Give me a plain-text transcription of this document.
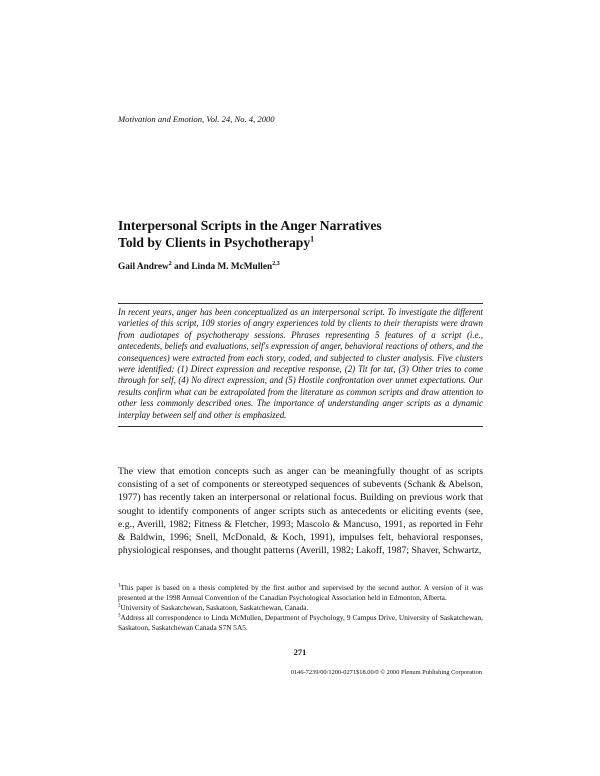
Motivation and Emotion, Vol. 24, No. 4, 2000
Interpersonal Scripts in the Anger Narratives
Told by Clients in Psychotherapy$^1$
Gail Andrew$^2$ and Linda M. McMullen$^{2,3}$

In recent years, anger has been conceptualized as an interpersonal script. To investigate the different varieties of this script, 109 stories of angry experiences told by clients to their therapists were drawn from audiotapes of psychotherapy sessions. Phrases representing 5 features of a script (i.e., antecedents, beliefs and evaluations, self's expression of anger, behavioral reactions of others, and the consequences) were extracted from each story, coded, and subjected to cluster analysis. Five clusters were identified: (1) Direct expression and receptive response, (2) Tit for tat, (3) Other tries to come through for self, (4) No direct expression, and (5) Hostile confrontation over unmet expectations. Our results confirm what can be extrapolated from the literature as common scripts and draw attention to other less commonly described ones. The importance of understanding anger scripts as a dynamic interplay between self and other is emphasized.

The view that emotion concepts such as anger can be meaningfully thought of as scripts consisting of a set of components or stereotyped sequences of subevents (Schank & Abelson, 1977) has recently taken an interpersonal or relational focus. Building on previous work that sought to identify components of anger scripts such as antecedents or eliciting events (see, e.g., Averill, 1982; Fitness & Fletcher, 1993; Mascolo & Mancuso, 1991, as reported in Fehr & Baldwin, 1996; Snell, McDonald, & Koch, 1991), impulses felt, behavioral responses, physiological responses, and thought patterns (Averill, 1982; Lakoff, 1987; Shaver, Schwartz,

$^1$This paper is based on a thesis completed by the first author and supervised by the second author. A version of it was presented at the 1998 Annual Convention of the Canadian Psychological Association held in Edmonton, Alberta.

$^2$University of Saskatchewan, Saskatoon, Saskatchewan, Canada.

$^3$Address all correspondence to Linda McMullen, Department of Psychology, 9 Campus Drive, University of Saskatchewan, Saskatoon, Saskatchewan Canada S7N 5A5.

271
0146-7239/00/1200-0271$18.00/0 © 2000 Plenum Publishing Corporation
